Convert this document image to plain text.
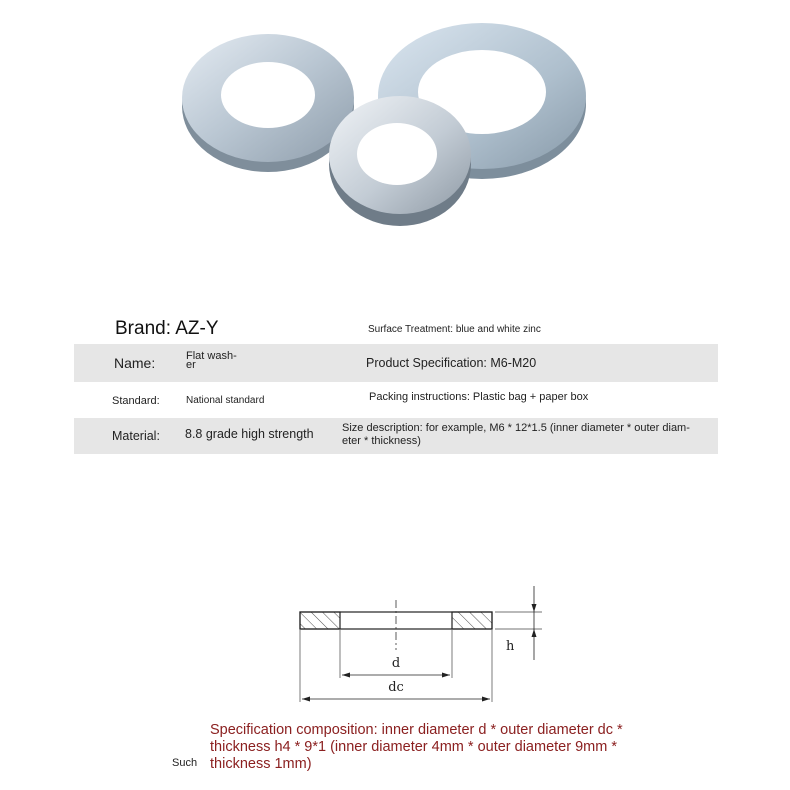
Brand: AZ-Y	Surface Treatment: blue and white zinc
Name:	Flat wash-
er	Product Specification: M6-M20
Standard:	National standard	Packing instructions: Plastic bag + paper box
Material: 8.8 grade high strength	Size description: for example, M6 * 12*1.5 (inner diameter * outer diam-
eter * thickness)
d
dc
h
Specification composition: inner diameter d * outer diameter dc *
thickness h4 * 9*1 (inner diameter 4mm * outer diameter 9mm *
thickness 1mm)
Such
